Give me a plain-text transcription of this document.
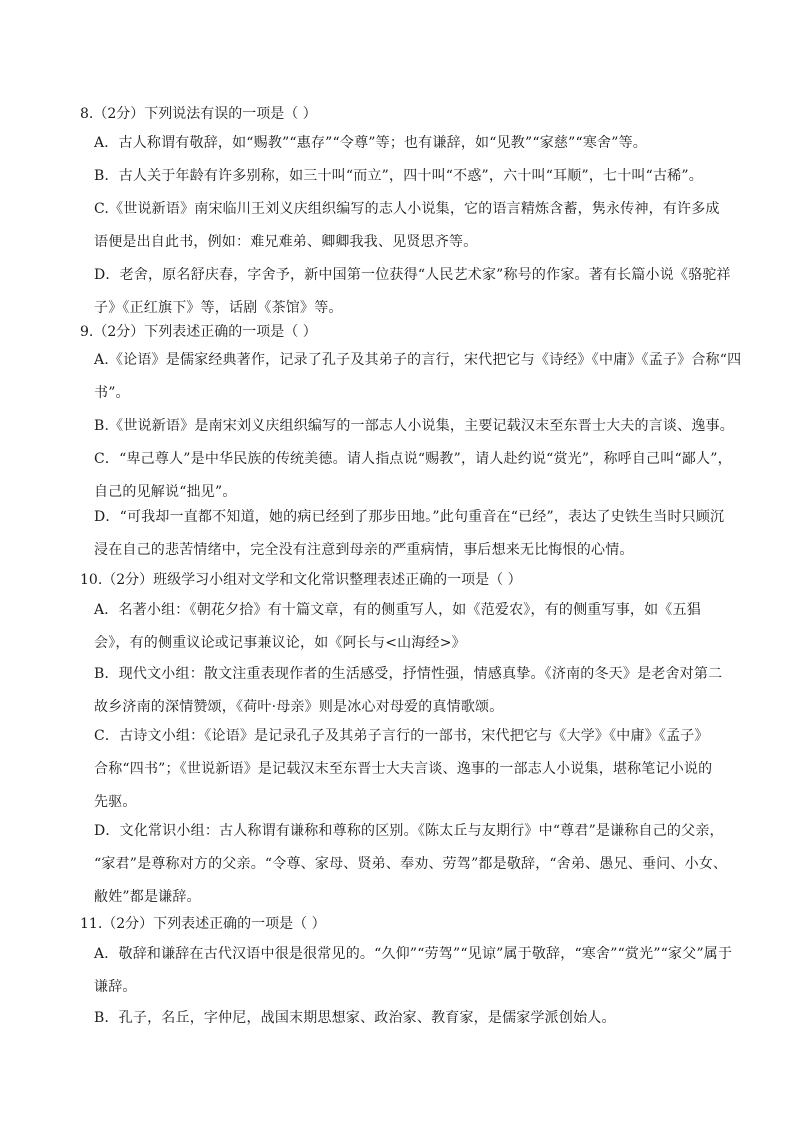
8.（2分）下列说法有误的一项是（ ）
A．古人称谓有敬辞，如“赐教”“惠存”“令尊”等；也有谦辞，如“见教”“家慈”“寒舍”等。
B．古人关于年龄有许多别称，如三十叫“而立”，四十叫“不惑”，六十叫“耳顺”，七十叫“古稀”。
C.《世说新语》南宋临川王刘义庆组织编写的志人小说集，它的语言精炼含蓄，隽永传神，有许多成
语便是出自此书，例如：难兄难弟、卿卿我我、见贤思齐等。
D．老舍，原名舒庆春，字舍予，新中国第一位获得“人民艺术家”称号的作家。著有长篇小说《骆驼祥
子》《正红旗下》等，话剧《茶馆》等。
9.（2分）下列表述正确的一项是（ ）
A.《论语》是儒家经典著作，记录了孔子及其弟子的言行，宋代把它与《诗经》《中庸》《孟子》合称“四
书”。
B.《世说新语》是南宋刘义庆组织编写的一部志人小说集，主要记载汉末至东晋士大夫的言谈、逸事。
C．“卑己尊人”是中华民族的传统美德。请人指点说“赐教”，请人赴约说“赏光”，称呼自己叫“鄙人”，
自己的见解说“拙见”。
D．“可我却一直都不知道，她的病已经到了那步田地。”此句重音在“已经”，表达了史铁生当时只顾沉
浸在自己的悲苦情绪中，完全没有注意到母亲的严重病情，事后想来无比悔恨的心情。
10.（2分）班级学习小组对文学和文化常识整理表述正确的一项是（ ）
A．名著小组：《朝花夕拾》有十篇文章，有的侧重写人，如《范爱农》，有的侧重写事，如《五猖
会》，有的侧重议论或记事兼议论，如《阿长与<山海经>》
B．现代文小组：散文注重表现作者的生活感受，抒情性强，情感真挚。《济南的冬天》是老舍对第二
故乡济南的深情赞颂，《荷叶·母亲》则是冰心对母爱的真情歌颂。
C．古诗文小组：《论语》是记录孔子及其弟子言行的一部书，宋代把它与《大学》《中庸》《孟子》
合称“四书”；《世说新语》是记载汉末至东晋士大夫言谈、逸事的一部志人小说集，堪称笔记小说的
先驱。
D．文化常识小组：古人称谓有谦称和尊称的区别。《陈太丘与友期行》中“尊君”是谦称自己的父亲，
“家君”是尊称对方的父亲。“令尊、家母、贤弟、奉劝、劳驾”都是敬辞，“舍弟、愚兄、垂问、小女、
敝姓”都是谦辞。
11.（2分）下列表述正确的一项是（ ）
A．敬辞和谦辞在古代汉语中很是很常见的。“久仰”“劳驾”“见谅”属于敬辞，“寒舍”“赏光”“家父”属于
谦辞。
B．孔子，名丘，字仲尼，战国末期思想家、政治家、教育家，是儒家学派创始人。
